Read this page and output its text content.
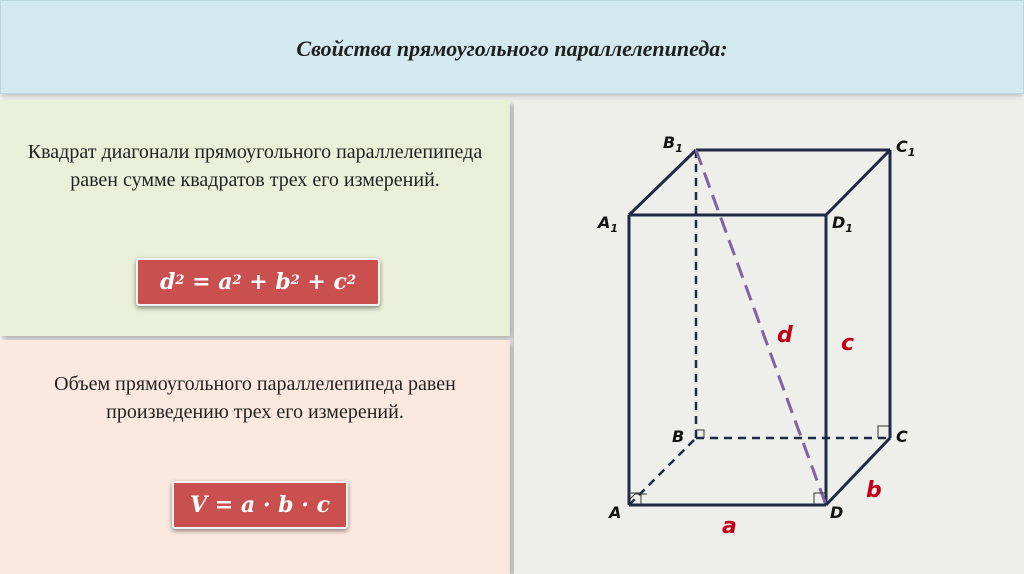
Свойства прямоугольного параллелепипеда:
Квадрат диагонали прямоугольного параллелепипеда равен сумме квадратов трех его измерений.
$d^2$
=
$a^2$
+
$b^2$
+
$c^2$
Объем прямоугольного параллелепипеда равен произведению трех его измерений.
V
=
a
·
b
·
c
$B_1$	$C_1$
$A_1$	$D_1$
B	C
A	D
d c
b
a
